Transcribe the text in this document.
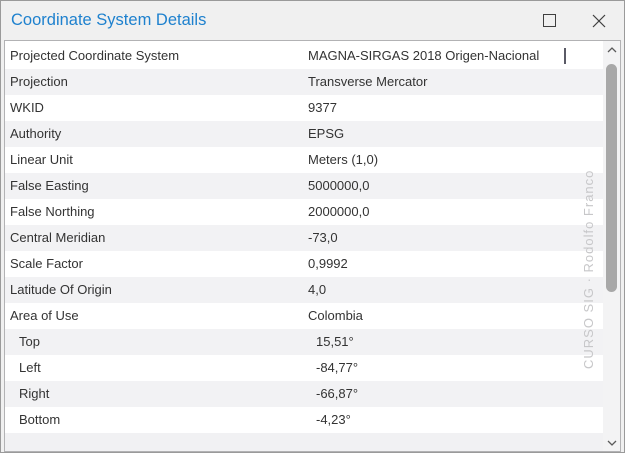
Coordinate System Details
Projected Coordinate System	MAGNA-SIRGAS 2018 Origen-Nacional
Projection	Transverse Mercator
WKID	9377
Authority	EPSG
Linear Unit	Meters (1,0)
False Easting	5000000,0
False Northing	2000000,0
Central Meridian	-73,0
Scale Factor	0,9992
Latitude Of Origin	4,0
Area of Use	Colombia
Top	15,51°
Left	-84,77°
Right	-66,87°
Bottom	-4,23°
CURSO SIG · Rodolfo Franco
